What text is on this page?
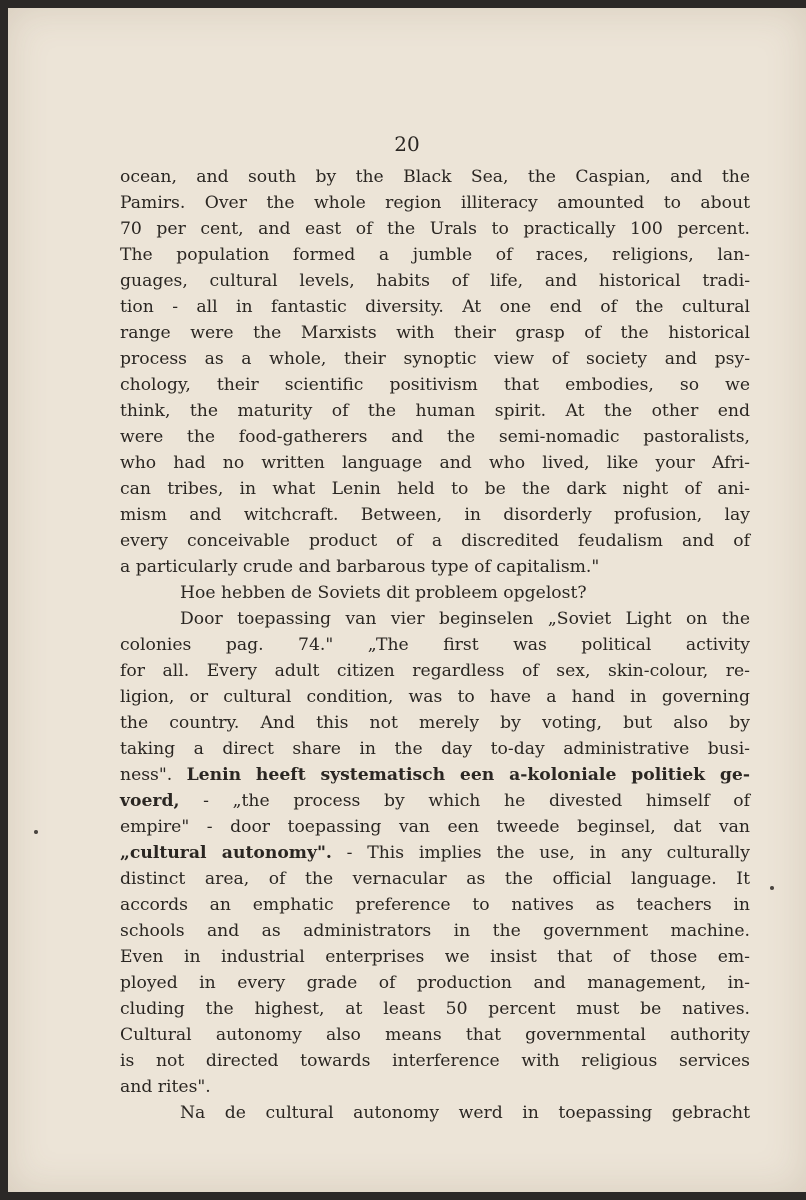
20
ocean, and south by the Black Sea, the Caspian, and the
Pamirs. Over the whole region illiteracy amounted to about
70 per cent, and east of the Urals to practically 100 percent.
The population formed a jumble of races, religions, lan-
guages, cultural levels, habits of life, and historical tradi-
tion - all in fantastic diversity. At one end of the cultural
range were the Marxists with their grasp of the historical
process as a whole, their synoptic view of society and psy-
chology, their scientific positivism that embodies, so we
think, the maturity of the human spirit. At the other end
were the food-gatherers and the semi-nomadic pastoralists,
who had no written language and who lived, like your Afri-
can tribes, in what Lenin held to be the dark night of ani-
mism and witchcraft. Between, in disorderly profusion, lay
every conceivable product of a discredited feudalism and of
a particularly crude and barbarous type of capitalism."
Hoe hebben de Soviets dit probleem opgelost?
Door toepassing van vier beginselen „Soviet Light on the
colonies pag. 74." „The first was political activity
for all. Every adult citizen regardless of sex, skin-colour, re-
ligion, or cultural condition, was to have a hand in governing
the country. And this not merely by voting, but also by
taking a direct share in the day to-day administrative busi-
ness". Lenin heeft systematisch een a-koloniale politiek ge-
voerd, - „the process by which he divested himself of
empire" - door toepassing van een tweede beginsel, dat van
„cultural autonomy". - This implies the use, in any culturally
distinct area, of the vernacular as the official language. It
accords an emphatic preference to natives as teachers in
schools and as administrators in the government machine.
Even in industrial enterprises we insist that of those em-
ployed in every grade of production and management, in-
cluding the highest, at least 50 percent must be natives.
Cultural autonomy also means that governmental authority
is not directed towards interference with religious services
and rites".
Na de cultural autonomy werd in toepassing gebracht
